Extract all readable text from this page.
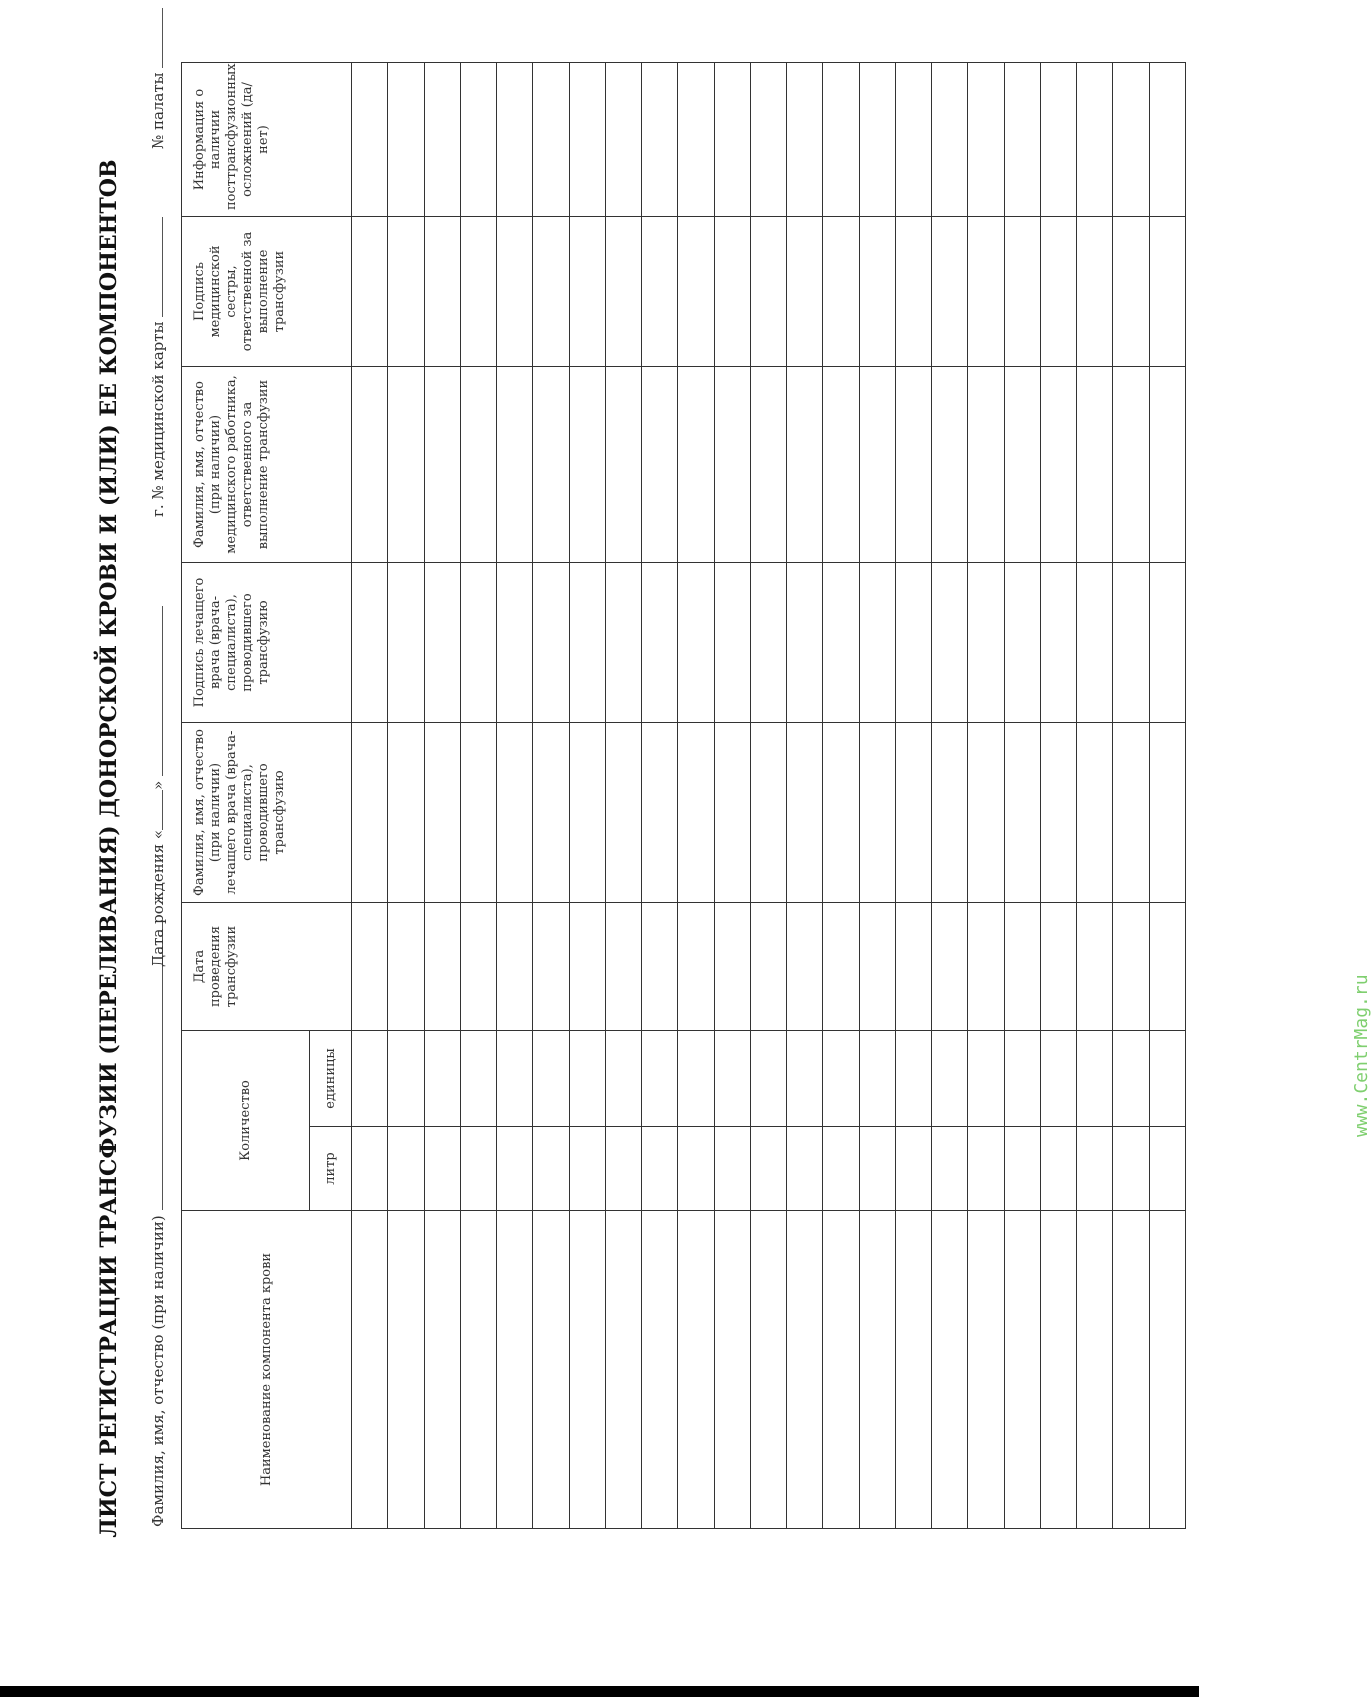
ЛИСТ РЕГИСТРАЦИИ ТРАНСФУЗИИ (ПЕРЕЛИВАНИЯ) ДОНОРСКОЙ КРОВИ И (ИЛИ) ЕЕ КОМПОНЕНТОВ Фамилия, имя, отчество (при наличии)
Дата рождения «»
г. № медицинской карты
№ палаты
Наименование компонента крови	Количество		Дата проведения трансфузии	Фамилия, имя, отчество (при наличии) лечащего врача (врача-специалиста), проводившего трансфузию	Подпись лечащего врача (врача-специалиста), проводившего трансфузию	Фамилия, имя, отчество (при наличии) медицинского работника, ответственного за выполнение трансфузии	Подпись медицинской сестры, ответственной за выполнение трансфузии	Информация о наличии посттрансфузионных осложнений (да/нет)

	литр	единицы						

									www.CentrMag.ru
